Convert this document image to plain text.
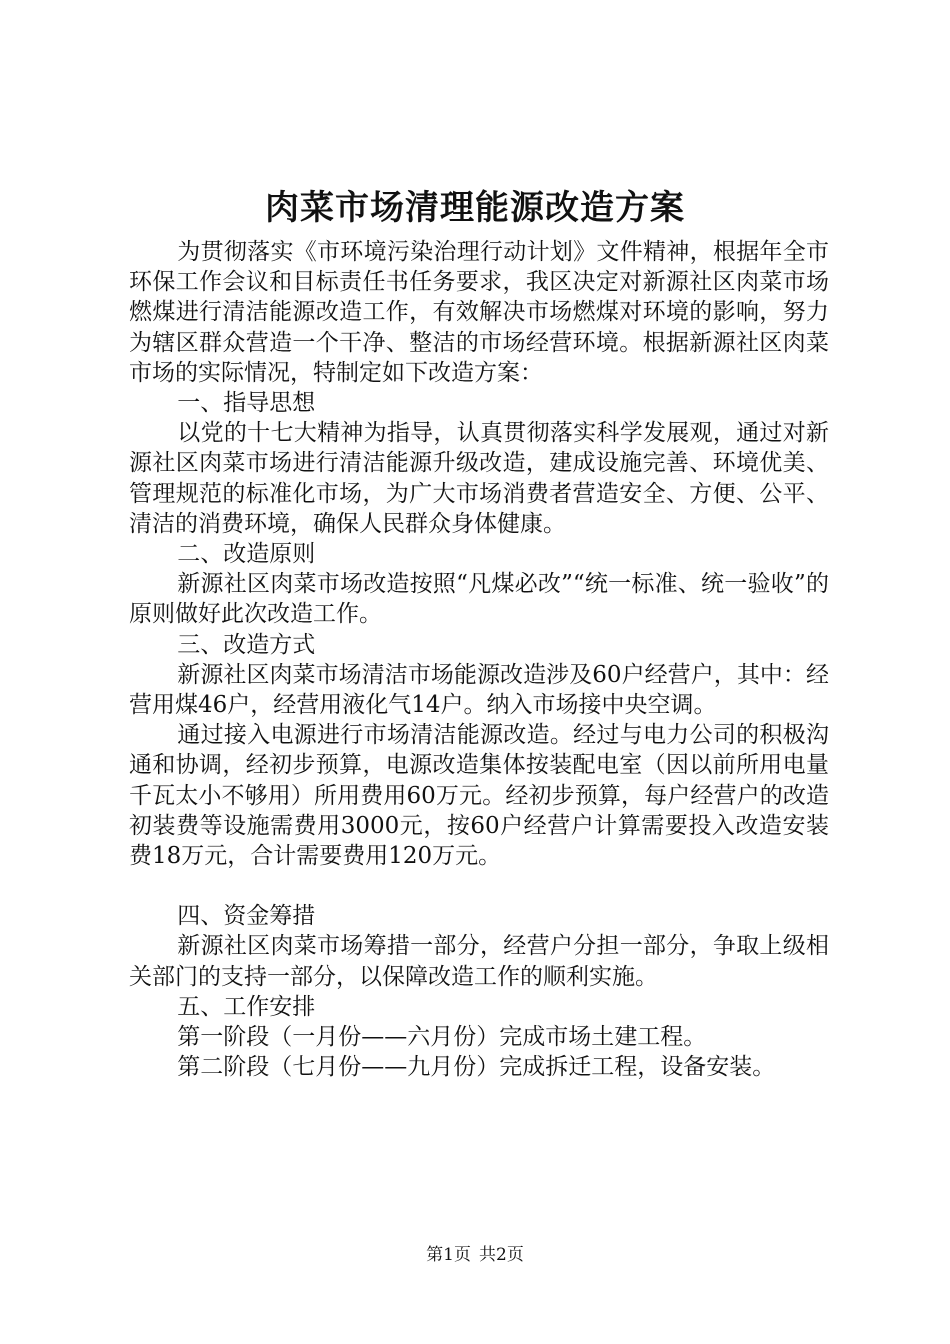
肉菜市场清理能源改造方案

为贯彻落实《市环境污染治理行动计划》文件精神，根据年全市环保工作会议和目标责任书任务要求，我区决定对新源社区肉菜市场燃煤进行清洁能源改造工作，有效解决市场燃煤对环境的影响，努力为辖区群众营造一个干净、整洁的市场经营环境。根据新源社区肉菜市场的实际情况，特制定如下改造方案：

一、指导思想

以党的十七大精神为指导，认真贯彻落实科学发展观，通过对新源社区肉菜市场进行清洁能源升级改造，建成设施完善、环境优美、管理规范的标准化市场，为广大市场消费者营造安全、方便、公平、清洁的消费环境，确保人民群众身体健康。

二、改造原则

新源社区肉菜市场改造按照“凡煤必改”“统一标准、统一验收”的原则做好此次改造工作。

三、改造方式

新源社区肉菜市场清洁市场能源改造涉及60户经营户，其中：经营用煤46户，经营用液化气14户。纳入市场接中央空调。

通过接入电源进行市场清洁能源改造。经过与电力公司的积极沟通和协调，经初步预算，电源改造集体按装配电室（因以前所用电量千瓦太小不够用）所用费用60万元。经初步预算，每户经营户的改造初装费等设施需费用3000元，按60户经营户计算需要投入改造安装费18万元，合计需要费用120万元。

四、资金筹措

新源社区肉菜市场筹措一部分，经营户分担一部分，争取上级相关部门的支持一部分，以保障改造工作的顺利实施。

五、工作安排

第一阶段（一月份——六月份）完成市场土建工程。

第二阶段（七月份——九月份）完成拆迁工程，设备安装。

第1页 共2页
